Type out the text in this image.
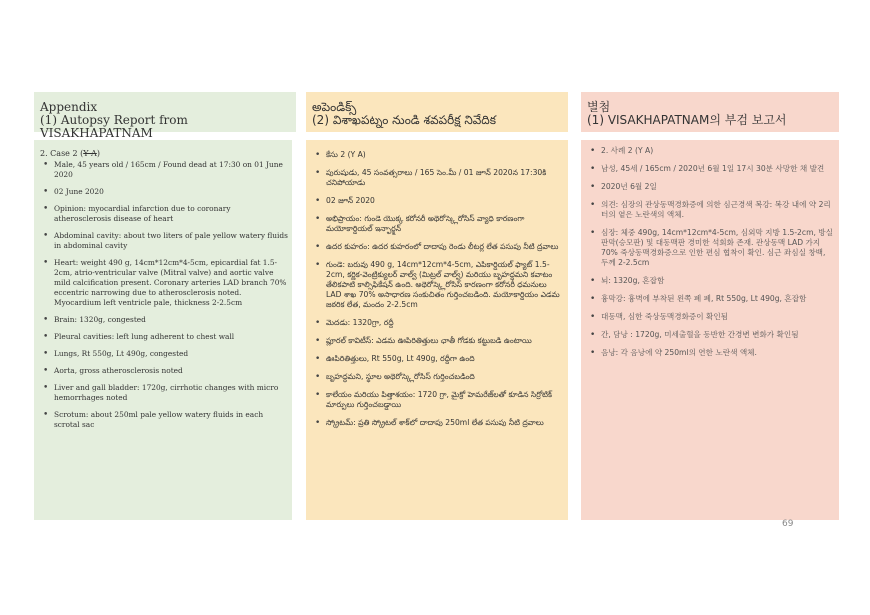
Appendix
(1) Autopsy Report from VISAKHAPATNAM
అపెండిక్స్
(2) విశాఖపట్నం నుండి శవపరీక్ష నివేదిక
별첨
(1) VISAKHAPATNAM의 부검 보고서
2. Case 2 (Y A)
• Male, 45 years old / 165cm / Found dead at 17:30 on 01 June 2020
• 02 June 2020
• Opinion: myocardial infarction due to coronary atherosclerosis disease of heart
• Abdominal cavity: about two liters of pale yellow watery fluids in abdominal cavity
• Heart: weight 490 g, 14cm*12cm*4-5cm, epicardial fat 1.5-2cm, atrio-ventricular valve (Mitral valve) and aortic valve mild calcification present. Coronary arteries LAD branch 70% eccentric narrowing due to atherosclerosis noted. Myocardium left ventricle pale, thickness 2-2.5cm
• Brain: 1320g, congested
• Pleural cavities: left lung adherent to chest wall
• Lungs, Rt 550g, Lt 490g, congested
• Aorta, gross atherosclerosis noted
• Liver and gall bladder: 1720g, cirrhotic changes with micro hemorrhages noted
• Scrotum: about 250ml pale yellow watery fluids in each scrotal sac
• కేసు 2 (Y A)
• పురుషుడు, 45 సంవత్సరాలు / 165 సెం.మీ / 01 జూన్ 2020న 17:30కి చనిపోయాడు
• 02 జూన్ 2020
• అభిప్రాయం: గుండె యొక్క కరోనరీ అథెరోస్క్లెరోసిస్ వ్యాధి కారణంగా మయోకార్డియల్ ఇన్ఫార్క్షన్
• ఉదర కుహరం: ఉదర కుహరంలో దాదాపు రెండు లీటర్ల లేత పసుపు నీటి ద్రవాలు
• గుండె: బరువు 490 g, 14cm*12cm*4-5cm, ఎపికార్డియల్ ఫ్యాట్ 1.5-2cm, కర్ణిక-వెంట్రిక్యులర్ వాల్వ్ (మిట్రల్ వాల్వ్) మరియు బృహద్ధమని కవాటం తేలికపాటి కాల్సిఫికేషన్ ఉంది. అథెరోస్క్లెరోసిస్ కారణంగా కరోనరీ ధమనులు LAD శాఖ 70% అసాధారణ సంకుచితం గుర్తించబడింది. మయోకార్డియం ఎడమ జఠరిక లేత, మందం 2-2.5cm
• మెదడు: 1320గ్రా, రద్దీ
• ప్లూరల్ కావిటీస్: ఎడమ ఊపిరితిత్తులు ఛాతీ గోడకు కట్టుబడి ఉంటాయి
• ఊపిరితిత్తులు, Rt 550g, Lt 490g, రద్దీగా ఉంది
• బృహద్ధమని, స్థూల అథెరోస్క్లెరోసిస్ గుర్తించబడింది
• కాలేయం మరియు పిత్తాశయం: 1720 గ్రా, మైక్రో హెమరేజ్‌లతో కూడిన సిర్రోటిక్ మార్పులు గుర్తించబడ్డాయి
• స్క్రోటమ్: ప్రతి స్క్రోటల్ శాక్‌లో దాదాపు 250ml లేత పసుపు నీటి ద్రవాలు
• 2. 사례 2 (Y A)
• 남성, 45세 / 165cm / 2020년 6월 1일 17시 30분 사망한 채 발견
• 2020년 6월 2일
• 의견: 심장의 관상동맥경화증에 의한 심근경색 복강: 복강 내에 약 2리터의 옅은 노란색의 액체.
• 심장: 체중 490g, 14cm*12cm*4-5cm, 심외막 지방 1.5-2cm, 방실판막(승모판) 및 대동맥판 경미한 석회화 존재. 관상동맥 LAD 가지 70% 죽상동맥경화증으로 인한 편심 협착이 확인. 심근 좌심실 창백, 두께 2-2.5cm
• 뇌: 1320g, 혼잡함
• 흉막강: 흉벽에 부착된 왼쪽 폐 폐, Rt 550g, Lt 490g, 혼잡함
• 대동맥, 심한 죽상동맥경화증이 확인됨
• 간, 담낭 : 1720g, 미세출혈을 동반한 간경변 변화가 확인됨
• 음낭: 각 음낭에 약 250ml의 연한 노란색 액체.
69
